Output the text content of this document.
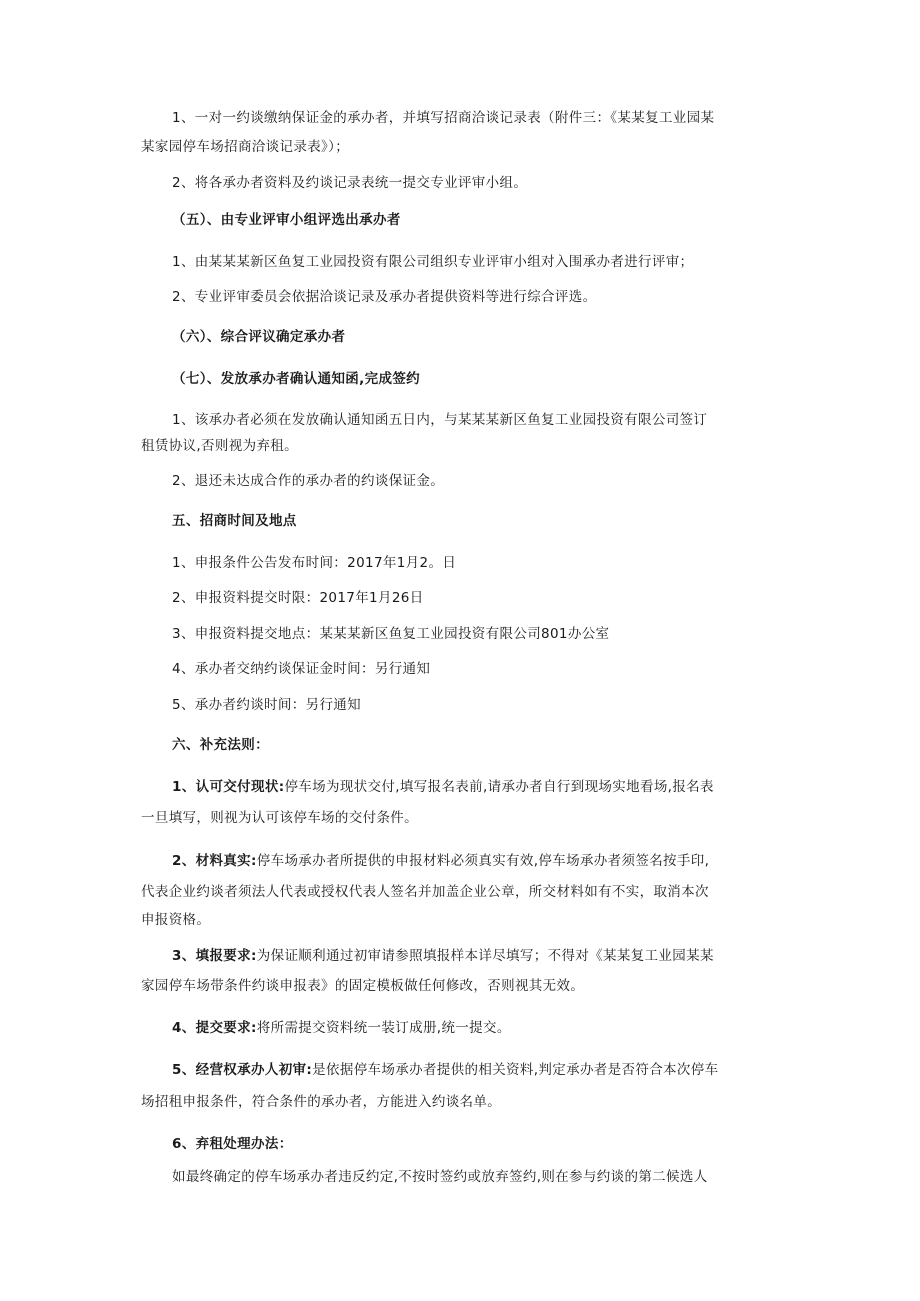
1、一对一约谈缴纳保证金的承办者，并填写招商洽谈记录表（附件三：《某某复工业园某
某家园停车场招商洽谈记录表》）；
2、将各承办者资料及约谈记录表统一提交专业评审小组。
（五）、由专业评审小组评选出承办者
1、由某某某新区鱼复工业园投资有限公司组织专业评审小组对入围承办者进行评审；
2、专业评审委员会依据洽谈记录及承办者提供资料等进行综合评选。
（六）、综合评议确定承办者
（七）、发放承办者确认通知函,完成签约
1、该承办者必须在发放确认通知函五日内，与某某某新区鱼复工业园投资有限公司签订
租赁协议,否则视为弃租。
2、退还未达成合作的承办者的约谈保证金。
五、招商时间及地点
1、申报条件公告发布时间：2017年1月2。日
2、申报资料提交时限：2017年1月26日
3、申报资料提交地点：某某某新区鱼复工业园投资有限公司801办公室
4、承办者交纳约谈保证金时间：另行通知
5、承办者约谈时间：另行通知
六、补充法则：
1、认可交付现状:停车场为现状交付,填写报名表前,请承办者自行到现场实地看场,报名表
一旦填写，则视为认可该停车场的交付条件。
2、材料真实:停车场承办者所提供的申报材料必须真实有效,停车场承办者须签名按手印,
代表企业约谈者须法人代表或授权代表人签名并加盖企业公章，所交材料如有不实，取消本次
申报资格。
3、填报要求:为保证顺利通过初审请参照填报样本详尽填写；不得对《某某复工业园某某
家园停车场带条件约谈申报表》的固定模板做任何修改，否则视其无效。
4、提交要求:将所需提交资料统一装订成册,统一提交。
5、经营权承办人初审:是依据停车场承办者提供的相关资料,判定承办者是否符合本次停车
场招租申报条件，符合条件的承办者，方能进入约谈名单。
6、弃租处理办法：
如最终确定的停车场承办者违反约定,不按时签约或放弃签约,则在参与约谈的第二候选人
